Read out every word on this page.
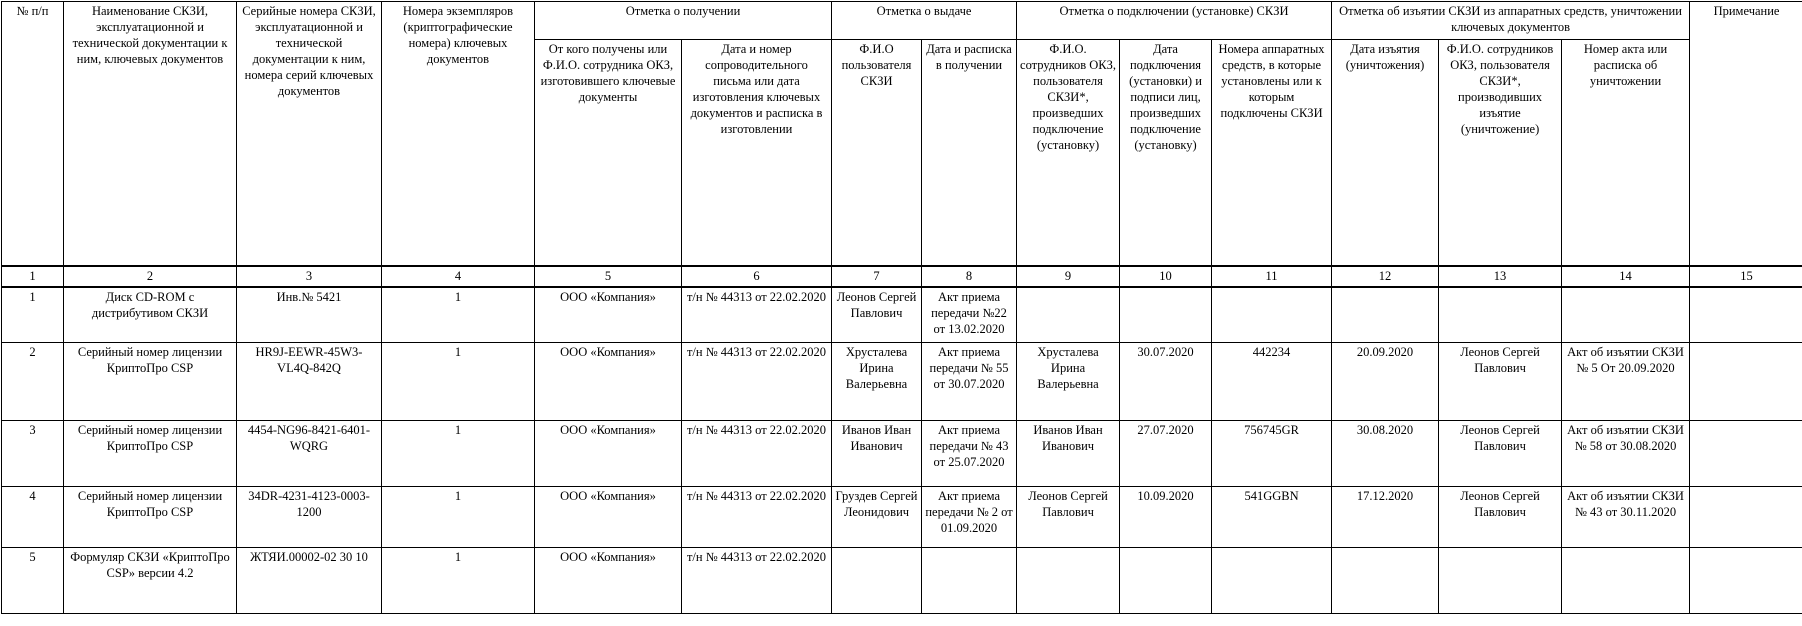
№ п/п	Наименование СКЗИ, эксплуатационной и технической документации к ним, ключевых документов	Серийные номера СКЗИ, эксплуатационной и технической документации к ним, номера серий ключевых документов	Номера экземпляров (криптографические номера) ключевых документов	Отметка о получении		Отметка о выдаче		Отметка о подключении (установке) СКЗИ			Отметка об изъятии СКЗИ из аппаратных средств, уничтожении ключевых документов			Примечание
				От кого получены или Ф.И.О. сотрудника ОКЗ, изготовившего ключевые документы	Дата и номер сопроводительного письма или дата изготовления ключевых документов и расписка в изготовлении	Ф.И.О пользователя СКЗИ	Дата и расписка в получении	Ф.И.О. сотрудников ОКЗ, пользователя СКЗИ*, произведших подключение (установку)	Дата подключения (установки) и подписи лиц, произведших подключение (установку)	Номера аппаратных средств, в которые установлены или к которым подключены СКЗИ	Дата изъятия (уничтожения)	Ф.И.О. сотрудников ОКЗ, пользователя СКЗИ*, производивших изъятие (уничтожение)	Номер акта или расписка об уничтожении	
1	2	3	4	5	6	7	8	9	10	11	12	13	14	15
1	Диск CD-ROM с дистрибутивом СКЗИ	Инв.№ 5421	1	ООО «Компания»	т/н № 44313 от 22.02.2020	Леонов Сергей Павлович	Акт приема передачи №22 от 13.02.2020							
2	Серийный номер лицензии КриптоПро CSP	HR9J-EEWR-45W3-VL4Q-842Q	1	ООО «Компания»	т/н № 44313 от 22.02.2020	Хрусталева Ирина Валерьевна	Акт приема передачи № 55 от 30.07.2020	Хрусталева Ирина Валерьевна	30.07.2020	442234	20.09.2020	Леонов Сергей Павлович	Акт об изъятии СКЗИ № 5 От 20.09.2020	
3	Серийный номер лицензии КриптоПро CSP	4454-NG96-8421-6401-WQRG	1	ООО «Компания»	т/н № 44313 от 22.02.2020	Иванов Иван Иванович	Акт приема передачи № 43 от 25.07.2020	Иванов Иван Иванович	27.07.2020	756745GR	30.08.2020	Леонов Сергей Павлович	Акт об изъятии СКЗИ № 58 от 30.08.2020	
4	Серийный номер лицензии КриптоПро CSP	34DR-4231-4123-0003-1200	1	ООО «Компания»	т/н № 44313 от 22.02.2020	Груздев Сергей Леонидович	Акт приема передачи № 2 от 01.09.2020	Леонов Сергей Павлович	10.09.2020	541GGBN	17.12.2020	Леонов Сергей Павлович	Акт об изъятии СКЗИ № 43 от 30.11.2020	
5	Формуляр СКЗИ «КриптоПро CSP» версии 4.2	ЖТЯИ.00002-02 30 10	1	ООО «Компания»	т/н № 44313 от 22.02.2020									
